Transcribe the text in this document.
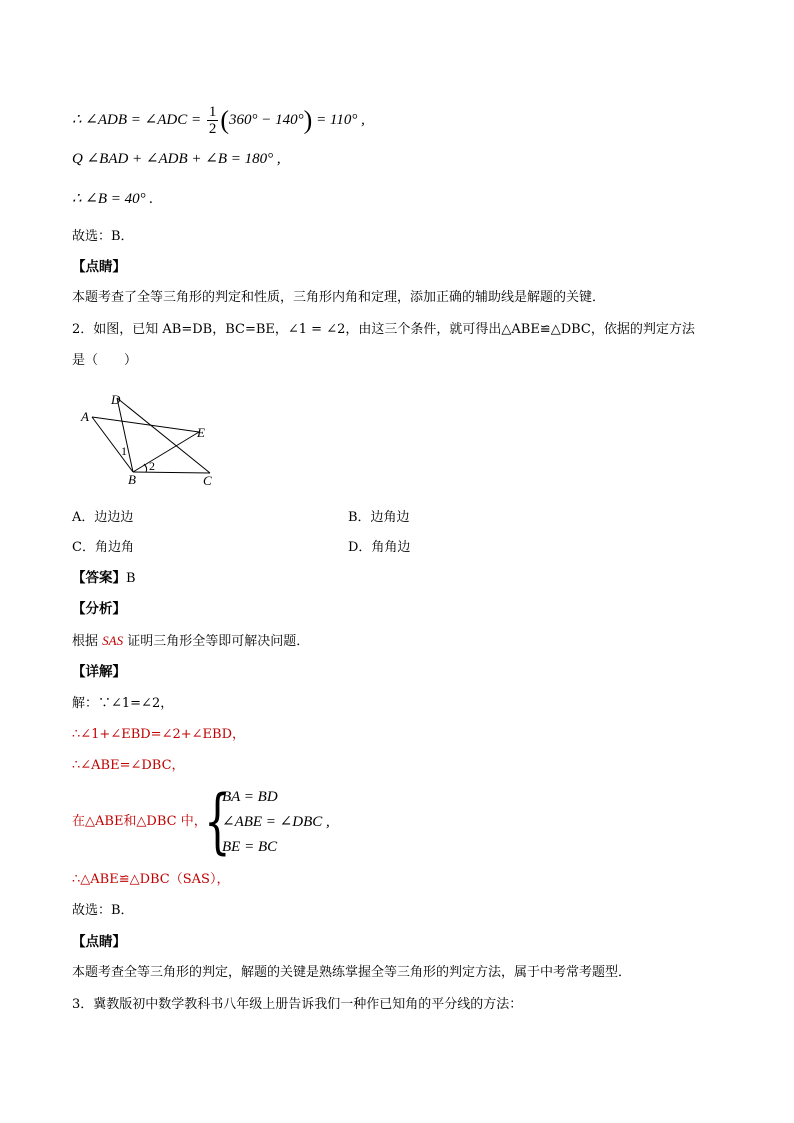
∴ ∠ADB = ∠ADC = $\frac{1}{2} (360^\circ - 140^\circ) = 110^\circ$ ,
Q ∠BAD + ∠ADB + ∠B = 180° ,
∴ ∠B = 40° .
故选：B．
【点睛】
本题考查了全等三角形的判定和性质，三角形内角和定理，添加正确的辅助线是解题的关键．
2．如图，已知 AB=DB，BC=BE，∠1 = ∠2，由这三个条件，就可得出△ABE≌△DBC，依据的判定方法
是（　　）
A
B	C
D
E
1
2
A．边边边	B．边角边
C．角边角	D．角角边
【答案】B
【分析】
根据 SAS 证明三角形全等即可解决问题．
【详解】
解：∵∠1=∠2，
∴∠1+∠EBD=∠2+∠EBD，
∴∠ABE=∠DBC，
在△ABE和△DBC 中，
{
BA = BD
∠ABE = ∠DBC ,
BE = BC
∴△ABE≌△DBC（SAS），
故选：B．
【点睛】
本题考查全等三角形的判定，解题的关键是熟练掌握全等三角形的判定方法，属于中考常考题型．
3．冀教版初中数学教科书八年级上册告诉我们一种作已知角的平分线的方法：
